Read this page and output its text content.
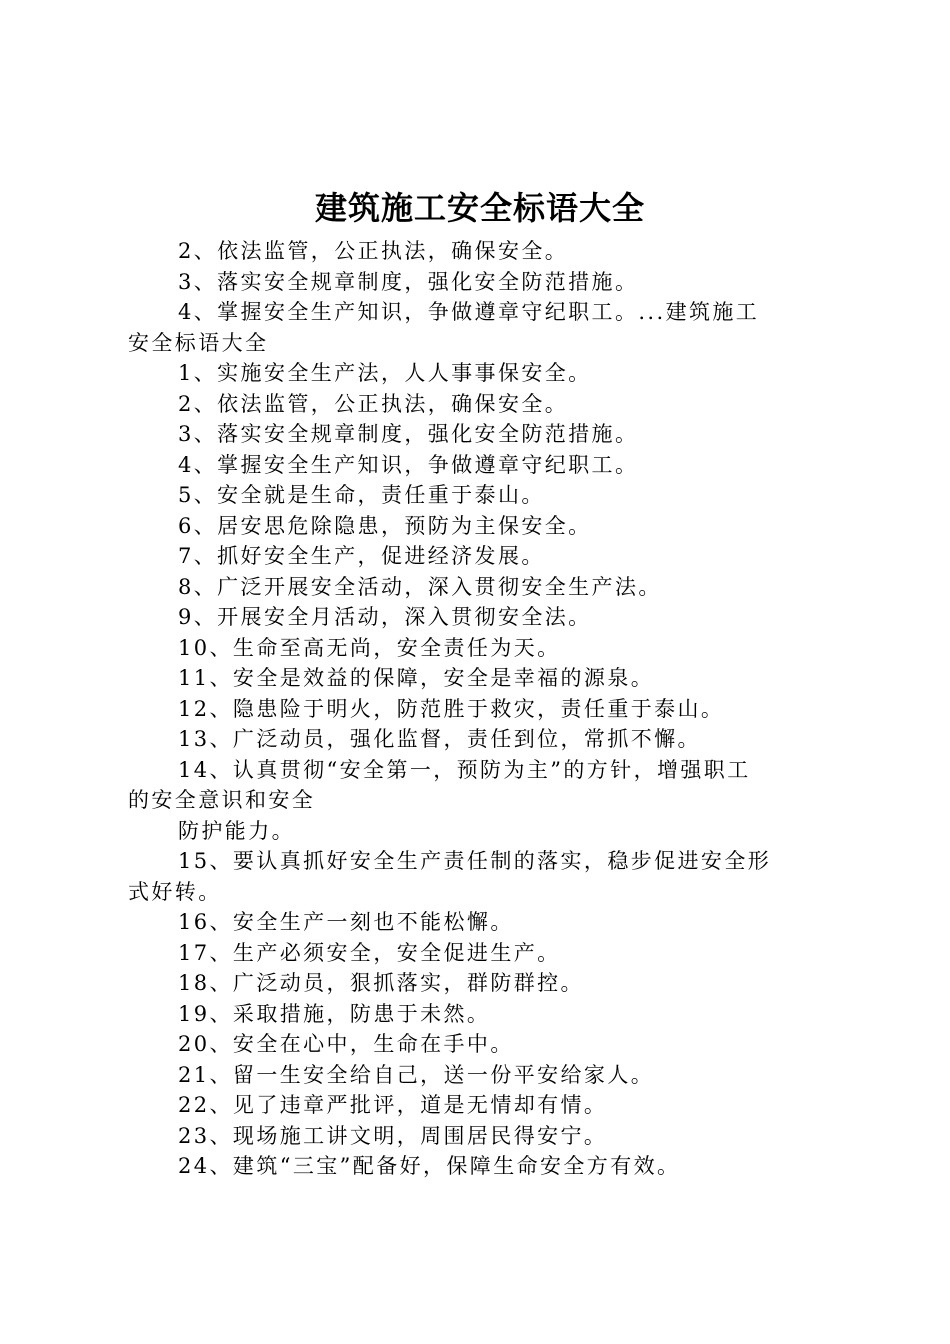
建筑施工安全标语大全
2、依法监管，公正执法，确保安全。
3、落实安全规章制度，强化安全防范措施。
4、掌握安全生产知识，争做遵章守纪职工。...建筑施工
安全标语大全
1、实施安全生产法，人人事事保安全。
2、依法监管，公正执法，确保安全。
3、落实安全规章制度，强化安全防范措施。
4、掌握安全生产知识，争做遵章守纪职工。
5、安全就是生命，责任重于泰山。
6、居安思危除隐患，预防为主保安全。
7、抓好安全生产，促进经济发展。
8、广泛开展安全活动，深入贯彻安全生产法。
9、开展安全月活动，深入贯彻安全法。
10、生命至高无尚，安全责任为天。
11、安全是效益的保障，安全是幸福的源泉。
12、隐患险于明火，防范胜于救灾，责任重于泰山。
13、广泛动员，强化监督，责任到位，常抓不懈。
14、认真贯彻“安全第一，预防为主”的方针，增强职工
的安全意识和安全
防护能力。
15、要认真抓好安全生产责任制的落实，稳步促进安全形
式好转。
16、安全生产一刻也不能松懈。
17、生产必须安全，安全促进生产。
18、广泛动员，狠抓落实，群防群控。
19、采取措施，防患于未然。
20、安全在心中，生命在手中。
21、留一生安全给自己，送一份平安给家人。
22、见了违章严批评，道是无情却有情。
23、现场施工讲文明，周围居民得安宁。
24、建筑“三宝”配备好，保障生命安全方有效。
